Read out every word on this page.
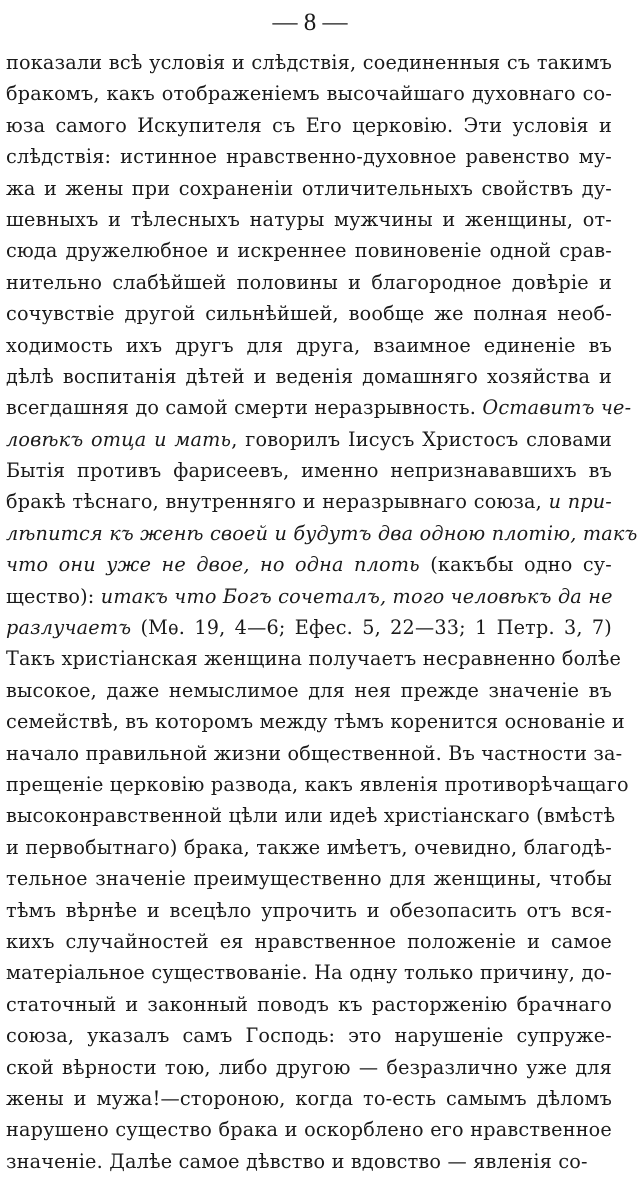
— 8 —
показали всѣ условія и слѣдствія, соединенныя съ такимъ
бракомъ, какъ отображеніемъ высочайшаго духовнаго со-
юза самого Искупителя съ Его церковію. Эти условія и
слѣдствія: истинное нравственно-духовное равенство му-
жа и жены при сохраненіи отличительныхъ свойствъ ду-
шевныхъ и тѣлесныхъ натуры мужчины и женщины, от-
сюда дружелюбное и искреннее повиновеніе одной срав-
нительно слабѣйшей половины и благородное довѣріе и
сочувствіе другой сильнѣйшей, вообще же полная необ-
ходимость ихъ другъ для друга, взаимное единеніе въ
дѣлѣ воспитанія дѣтей и веденія домашняго хозяйства и
всегдашняя до самой смерти неразрывность. Оставитъ че-
ловѣкъ отца и мать, говорилъ Іисусъ Христосъ словами
Бытія противъ фарисеевъ, именно непризнававшихъ въ
бракѣ тѣснаго, внутренняго и неразрывнаго союза, и при-
лѣпится къ женѣ своей и будутъ два одною плотію, такъ
что они уже не двое, но одна плоть (какъбы одно су-
щество): итакъ что Богъ сочеталъ, того человѣкъ да не
разлучаетъ (Мѳ. 19, 4—6; Ефес. 5, 22—33; 1 Петр. 3, 7)
Такъ христіанская женщина получаетъ несравненно болѣе
высокое, даже немыслимое для нея прежде значеніе въ
семействѣ, въ которомъ между тѣмъ коренится основаніе и
начало правильной жизни общественной. Въ частности за-
прещеніе церковію развода, какъ явленія противорѣчащаго
высоконравственной цѣли или идеѣ христіанскаго (вмѣстѣ
и первобытнаго) брака, также имѣетъ, очевидно, благодѣ-
тельное значеніе преимущественно для женщины, чтобы
тѣмъ вѣрнѣе и всецѣло упрочить и обезопасить отъ вся-
кихъ случайностей ея нравственное положеніе и самое
матеріальное существованіе. На одну только причину, до-
статочный и законный поводъ къ расторженію брачнаго
союза, указалъ самъ Господь: это нарушеніе супруже-
ской вѣрности тою, либо другою — безразлично уже для
жены и мужа!—стороною, когда то-есть самымъ дѣломъ
нарушено существо брака и оскорблено его нравственное
значеніе. Далѣе самое дѣвство и вдовство — явленія со-
